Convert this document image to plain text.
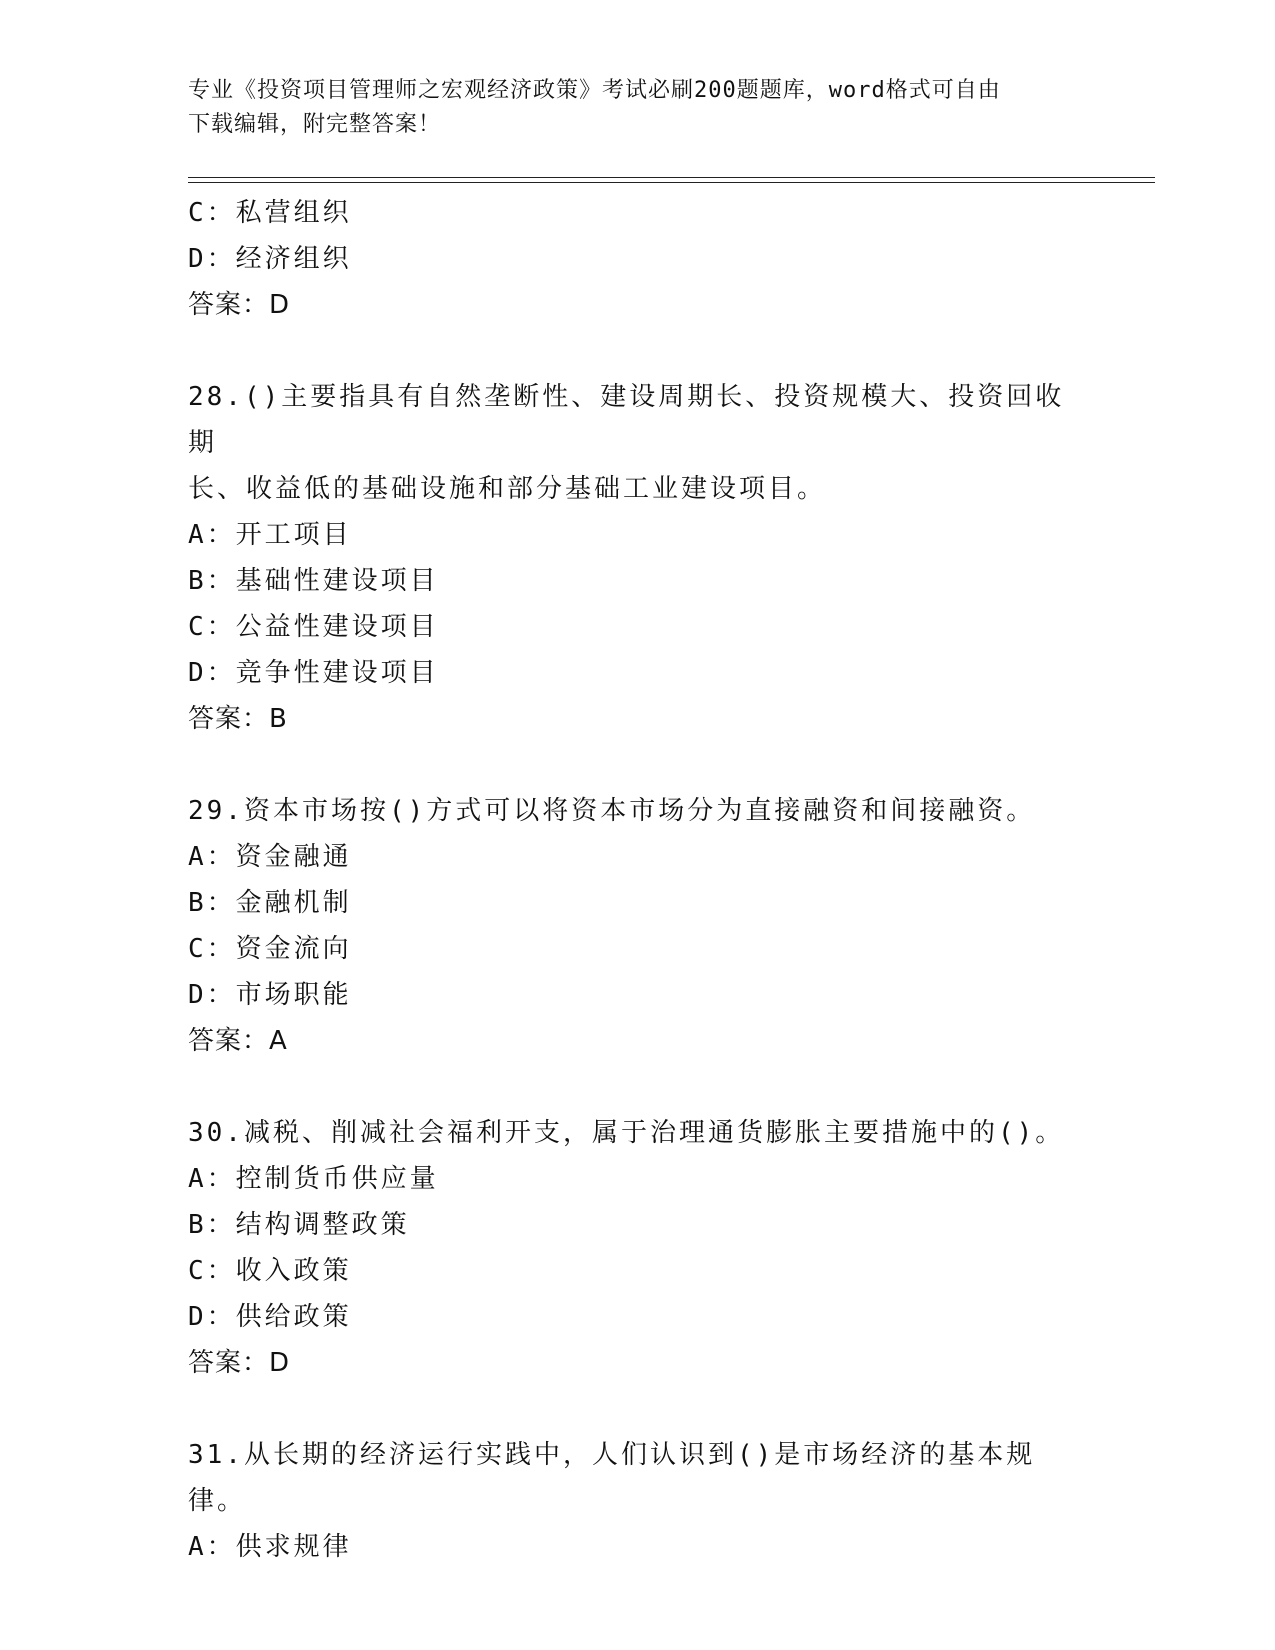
专业《投资项目管理师之宏观经济政策》考试必刷200题题库，word格式可自由
下载编辑，附完整答案！
C：私营组织
D：经济组织
答案：D
28.()主要指具有自然垄断性、建设周期长、投资规模大、投资回收期
长、收益低的基础设施和部分基础工业建设项目。
A：开工项目
B：基础性建设项目
C：公益性建设项目
D：竞争性建设项目
答案：B
29.资本市场按()方式可以将资本市场分为直接融资和间接融资。
A：资金融通
B：金融机制
C：资金流向
D：市场职能
答案：A
30.减税、削减社会福利开支，属于治理通货膨胀主要措施中的()。
A：控制货币供应量
B：结构调整政策
C：收入政策
D：供给政策
答案：D
31.从长期的经济运行实践中，人们认识到()是市场经济的基本规律。
A：供求规律
